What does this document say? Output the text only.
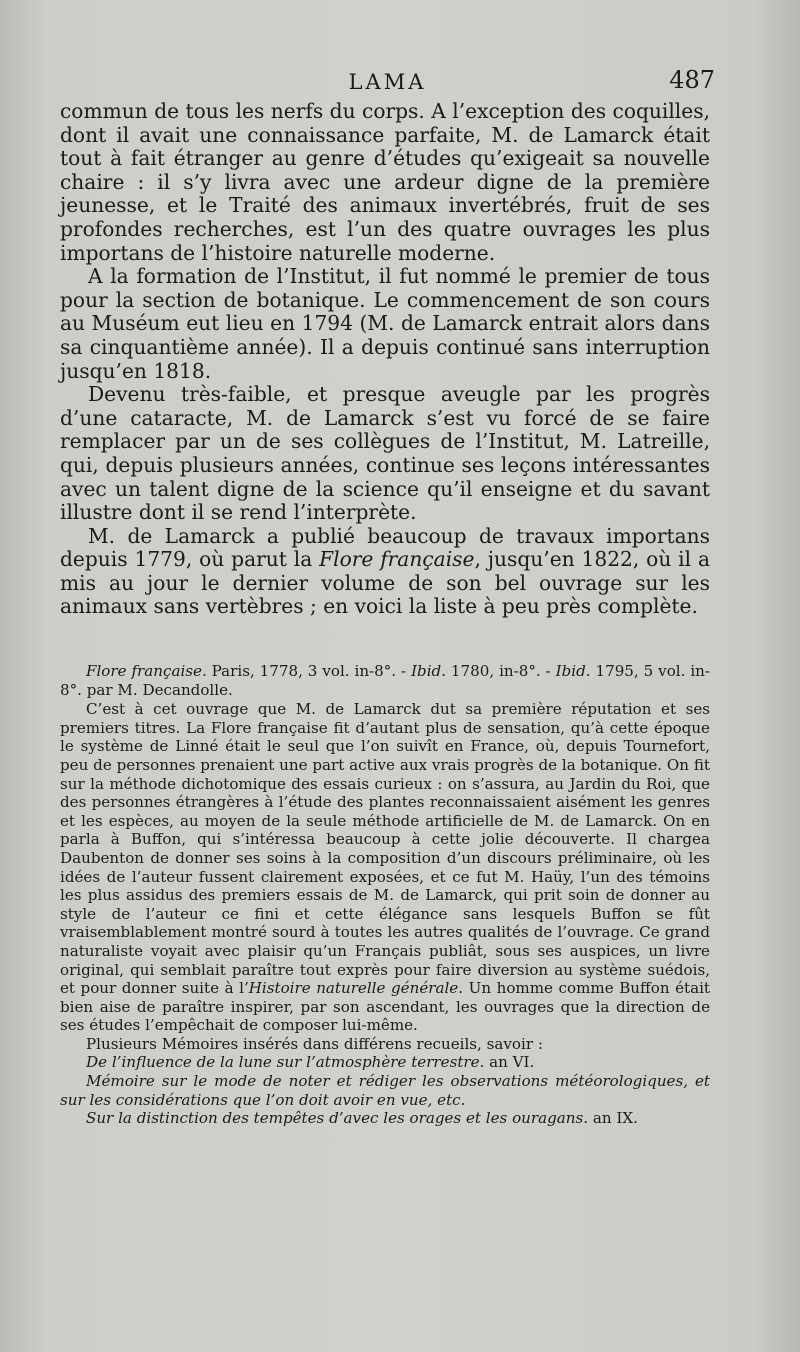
LAMA	487

commun de tous les nerfs du corps. A l’exception des coquilles, dont il avait une connaissance parfaite, M. de Lamarck était tout à fait étranger au genre d’études qu’exigeait sa nouvelle chaire : il s’y livra avec une ardeur digne de la première jeunesse, et le Traité des animaux invertébrés, fruit de ses profondes recherches, est l’un des quatre ouvrages les plus importans de l’histoire naturelle moderne.

A la formation de l’Institut, il fut nommé le premier de tous pour la section de botanique. Le commencement de son cours au Muséum eut lieu en 1794 (M. de Lamarck entrait alors dans sa cinquantième année). Il a depuis continué sans interruption jusqu’en 1818.

Devenu très-faible, et presque aveugle par les progrès d’une cataracte, M. de Lamarck s’est vu forcé de se faire remplacer par un de ses collègues de l’Institut, M. Latreille, qui, depuis plusieurs années, continue ses leçons intéressantes avec un talent digne de la science qu’il enseigne et du savant illustre dont il se rend l’interprète.

M. de Lamarck a publié beaucoup de travaux importans depuis 1779, où parut la Flore française, jusqu’en 1822, où il a mis au jour le dernier volume de son bel ouvrage sur les animaux sans vertèbres ; en voici la liste à peu près complète.

Flore française. Paris, 1778, 3 vol. in-8°. - Ibid. 1780, in-8°. - Ibid. 1795, 5 vol. in-8°. par M. Decandolle.

C’est à cet ouvrage que M. de Lamarck dut sa première réputation et ses premiers titres. La Flore française fit d’autant plus de sensation, qu’à cette époque le système de Linné était le seul que l’on suivît en France, où, depuis Tournefort, peu de personnes prenaient une part active aux vrais progrès de la botanique. On fit sur la méthode dichotomique des essais curieux : on s’assura, au Jardin du Roi, que des personnes étrangères à l’étude des plantes reconnaissaient aisément les genres et les espèces, au moyen de la seule méthode artificielle de M. de Lamarck. On en parla à Buffon, qui s’intéressa beaucoup à cette jolie découverte. Il chargea Daubenton de donner ses soins à la composition d’un discours préliminaire, où les idées de l’auteur fussent clairement exposées, et ce fut M. Haüy, l’un des témoins les plus assidus des premiers essais de M. de Lamarck, qui prit soin de donner au style de l’auteur ce fini et cette élégance sans lesquels Buffon se fût vraisemblablement montré sourd à toutes les autres qualités de l’ouvrage. Ce grand naturaliste voyait avec plaisir qu’un Français publiât, sous ses auspices, un livre original, qui semblait paraître tout exprès pour faire diversion au système suédois, et pour donner suite à l’Histoire naturelle générale. Un homme comme Buffon était bien aise de paraître inspirer, par son ascendant, les ouvrages que la direction de ses études l’empêchait de composer lui-même.

Plusieurs Mémoires insérés dans différens recueils, savoir :

De l’influence de la lune sur l’atmosphère terrestre. an VI.

Mémoire sur le mode de noter et rédiger les observations météorologiques, et sur les considérations que l’on doit avoir en vue, etc.

Sur la distinction des tempêtes d’avec les orages et les ouragans. an IX.
